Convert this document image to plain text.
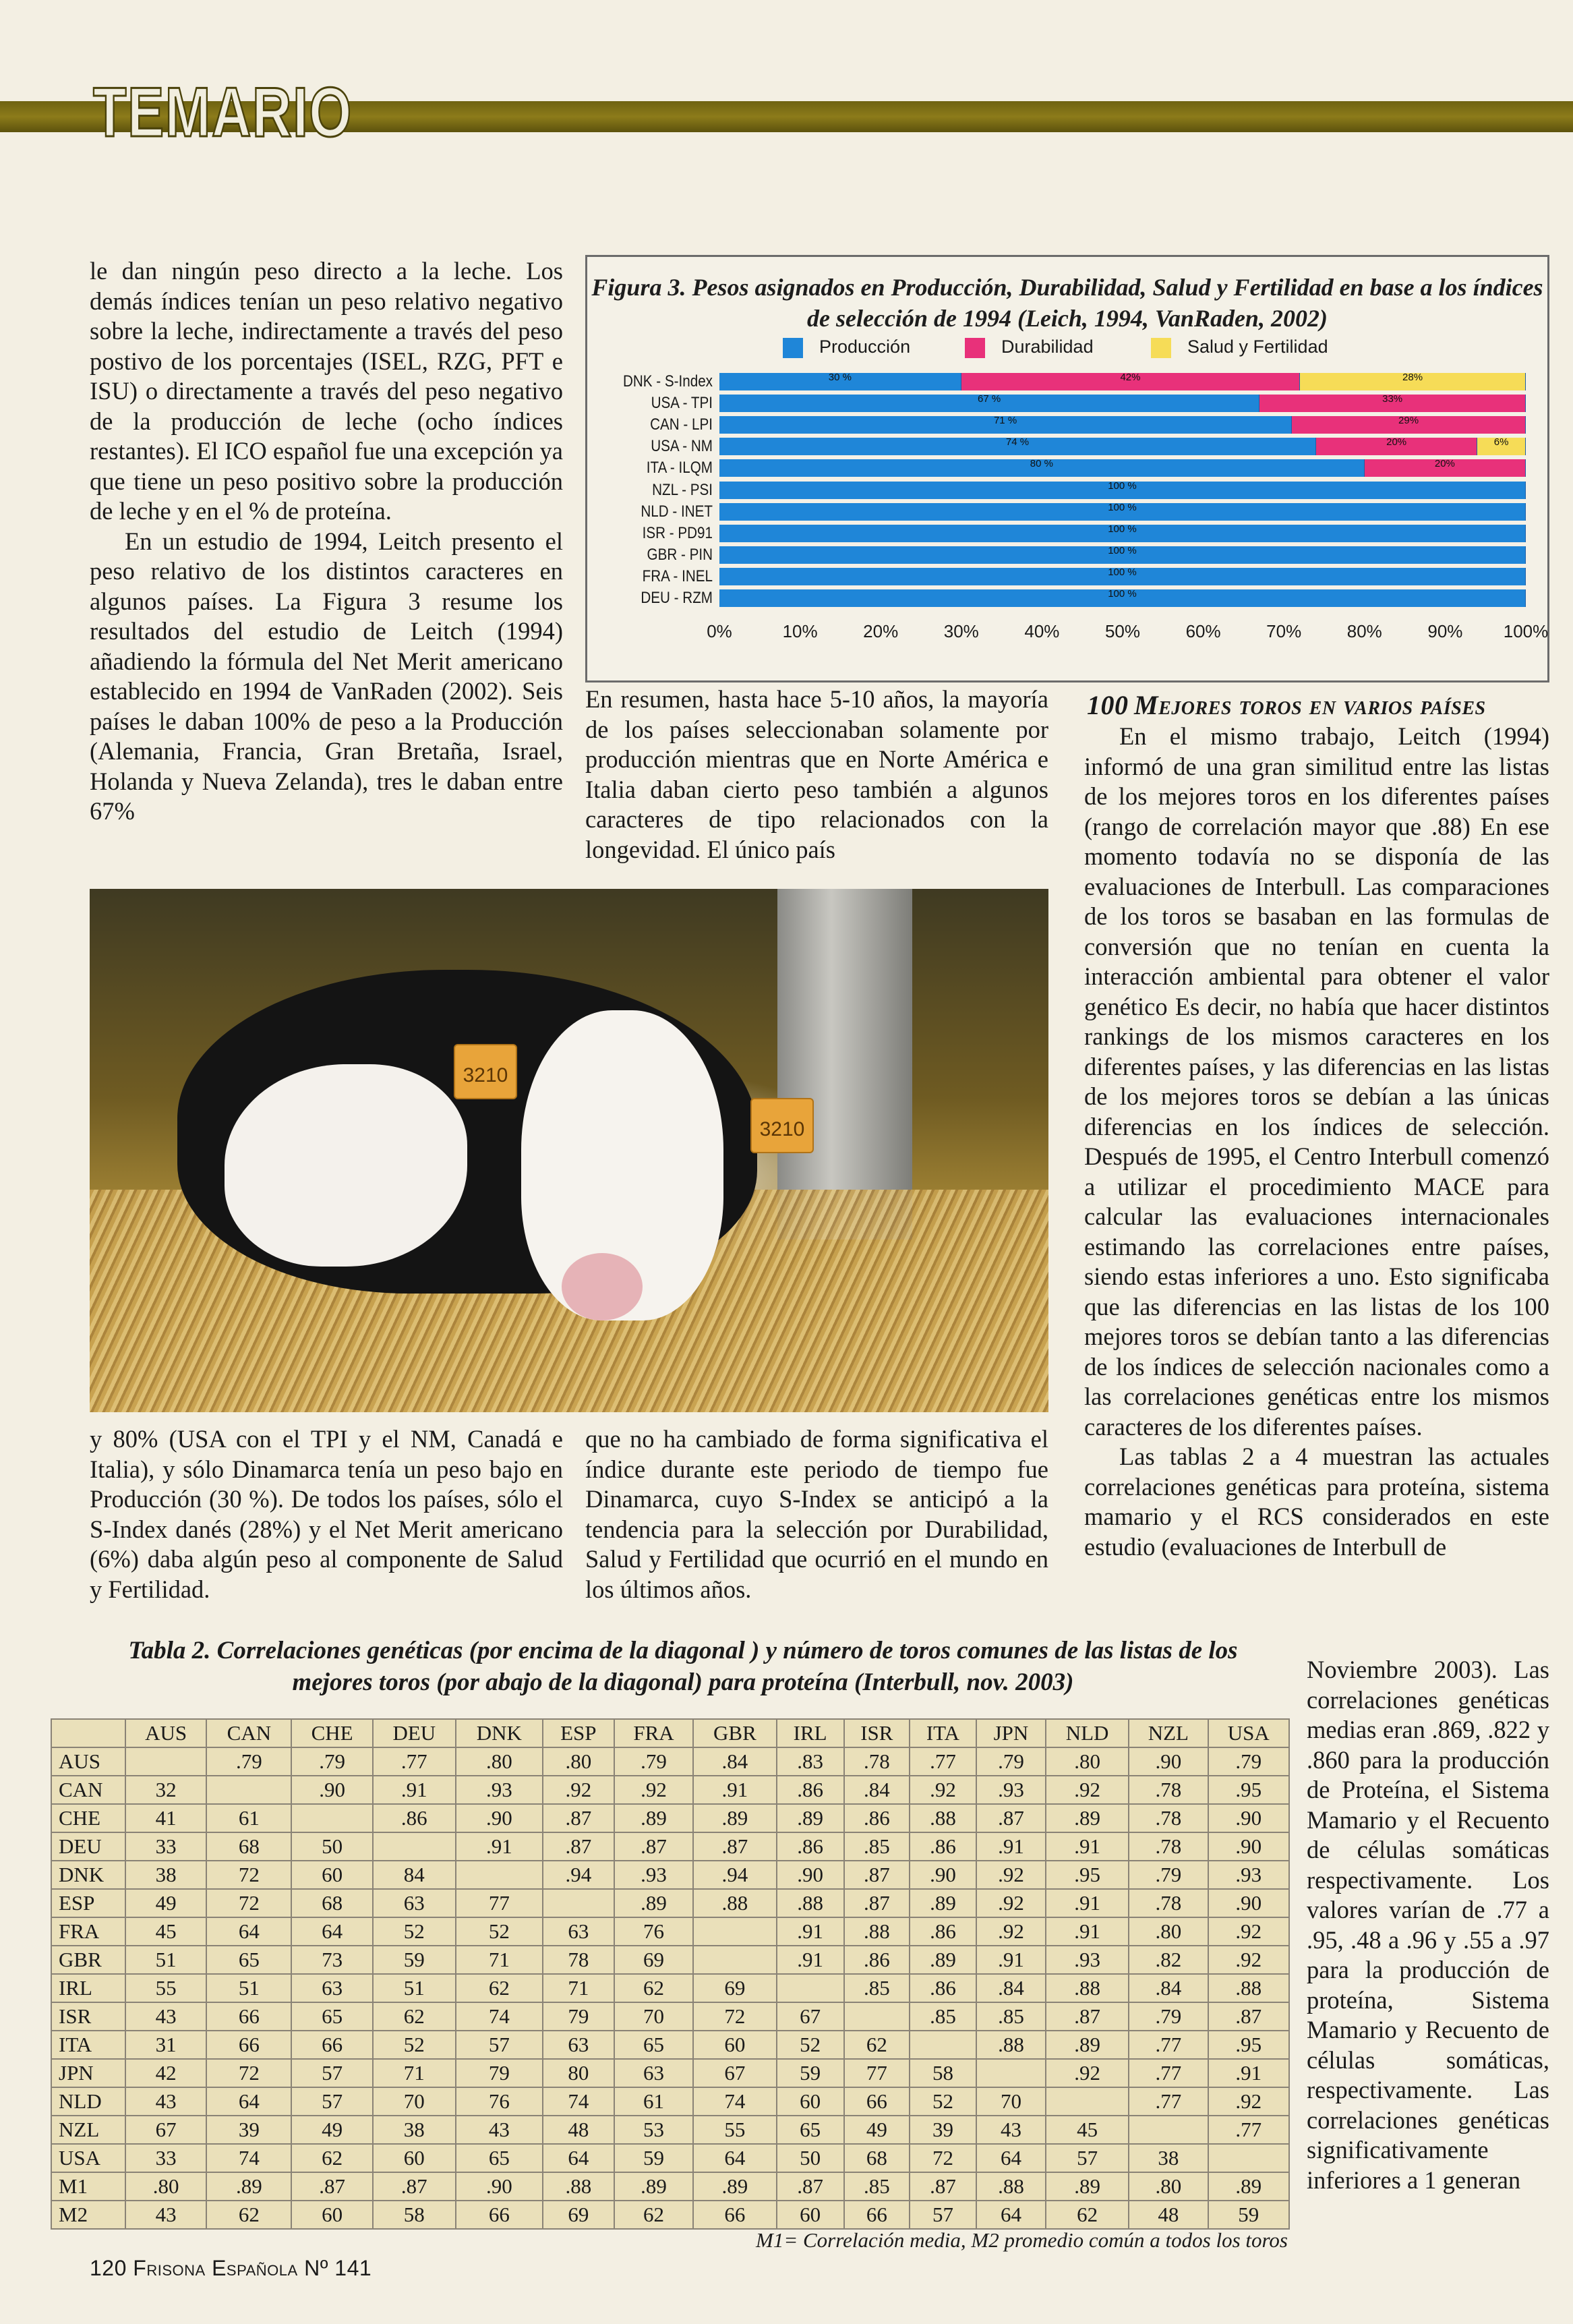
TEMARIO

le dan ningún peso directo a la leche. Los demás índices tenían un peso relativo negativo sobre la leche, indirectamente a través del peso postivo de los porcentajes (ISEL, RZG, PFT e ISU) o directamente a través del peso negativo de la producción de leche (ocho índices restantes). El ICO español fue una excepción ya que tiene un peso positivo sobre la producción de leche y en el % de proteína.

En un estudio de 1994, Leitch presento el peso relativo de los distintos caracteres en algunos países. La Figura 3 resume los resultados del estudio de Leitch (1994) añadiendo la fórmula del Net Merit americano establecido en 1994 de VanRaden (2002). Seis países le daban 100% de peso a la Producción (Alemania, Francia, Gran Bretaña, Israel, Holanda y Nueva Zelanda), tres le daban entre 67%

Figura 3. Pesos asignados en Producción, Durabilidad, Salud y Fertilidad en base a los índices de selección de 1994 (Leich, 1994, VanRaden, 2002)
Producción	Durabilidad	Salud y Fertilidad
DNK - S-Index	30 %	42%	28%
USA - TPI	67 %	33%
CAN - LPI	71 %	29%
USA - NM	74 %	20%	6%
ITA - ILQM	80 %	20%
NZL - PSI	100 %
NLD - INET	100 %
ISR - PD91	100 %
GBR - PIN	100 %
FRA - INEL	100 %
DEU - RZM	100 %
0%	10%	20%	30%	40%	50%	60%	70%	80%	90%	100%

En resumen, hasta hace 5-10 años, la mayoría de los países seleccionaban solamente por producción mientras que en Norte América e Italia daban cierto peso también a algunos caracteres de tipo relacionados con la longevidad. El único país

100 Mejores toros en varios países

En el mismo trabajo, Leitch (1994) informó de una gran similitud entre las listas de los mejores toros en los diferentes países (rango de correlación mayor que .88) En ese momento todavía no se disponía de las evaluaciones de Interbull. Las comparaciones de los toros se basaban en las formulas de conversión que no tenían en cuenta la interacción ambiental para obtener el valor genético Es decir, no había que hacer distintos rankings de los mismos caracteres en los diferentes países, y las diferencias en las listas de los mejores toros se debían a las únicas diferencias en los índices de selección. Después de 1995, el Centro Interbull comenzó a utilizar el procedimiento MACE para calcular las evaluaciones internacionales estimando las correlaciones entre países, siendo estas inferiores a uno. Esto significaba que las diferencias en las listas de los 100 mejores toros se debían tanto a las diferencias de los índices de selección nacionales como a las correlaciones genéticas entre los mismos caracteres de los diferentes países.

Las tablas 2 a 4 muestran las actuales correlaciones genéticas para proteína, sistema mamario y el RCS considerados en este estudio (evaluaciones de Interbull de

3210
3210

y 80% (USA con el TPI y el NM, Canadá e Italia), y sólo Dinamarca tenía un peso bajo en Producción (30 %). De todos los países, sólo el S-Index danés (28%) y el Net Merit americano (6%) daba algún peso al componente de Salud y Fertilidad.

que no ha cambiado de forma significativa el índice durante este periodo de tiempo fue Dinamarca, cuyo S-Index se anticipó a la tendencia para la selección por Durabilidad, Salud y Fertilidad que ocurrió en el mundo en los últimos años.

Noviembre 2003). Las correlaciones genéticas medias eran .869, .822 y .860 para la producción de Proteína, el Sistema Mamario y el Recuento de células somáticas respectivamente. Los valores varían de .77 a .95, .48 a .96 y .55 a .97 para la producción de proteína, Sistema Mamario y Recuento de células somáticas, respectivamente. Las correlaciones genéticas significativamente inferiores a 1 generan

Tabla 2. Correlaciones genéticas (por encima de la diagonal ) y número de toros comunes de las listas de los mejores toros (por abajo de la diagonal) para proteína (Interbull, nov. 2003)
	AUS	CAN	CHE	DEU	DNK	ESP	FRA	GBR	IRL	ISR	ITA	JPN	NLD	NZL	USA
AUS		.79	.79	.77	.80	.80	.79	.84	.83	.78	.77	.79	.80	.90	.79
CAN	32		.90	.91	.93	.92	.92	.91	.86	.84	.92	.93	.92	.78	.95
CHE	41	61		.86	.90	.87	.89	.89	.89	.86	.88	.87	.89	.78	.90
DEU	33	68	50		.91	.87	.87	.87	.86	.85	.86	.91	.91	.78	.90
DNK	38	72	60	84		.94	.93	.94	.90	.87	.90	.92	.95	.79	.93
ESP	49	72	68	63	77		.89	.88	.88	.87	.89	.92	.91	.78	.90
FRA	45	64	64	52	52	63	76		.91	.88	.86	.92	.91	.80	.92
GBR	51	65	73	59	71	78	69		.91	.86	.89	.91	.93	.82	.92
IRL	55	51	63	51	62	71	62	69		.85	.86	.84	.88	.84	.88
ISR	43	66	65	62	74	79	70	72	67		.85	.85	.87	.79	.87
ITA	31	66	66	52	57	63	65	60	52	62		.88	.89	.77	.95
JPN	42	72	57	71	79	80	63	67	59	77	58		.92	.77	.91
NLD	43	64	57	70	76	74	61	74	60	66	52	70		.77	.92
NZL	67	39	49	38	43	48	53	55	65	49	39	43	45		.77
USA	33	74	62	60	65	64	59	64	50	68	72	64	57	38	
M1	.80	.89	.87	.87	.90	.88	.89	.89	.87	.85	.87	.88	.89	.80	.89
M2	43	62	60	58	66	69	62	66	60	66	57	64	62	48	59
M1= Correlación media, M2 promedio común a todos los toros
120 Frisona Española Nº 141
